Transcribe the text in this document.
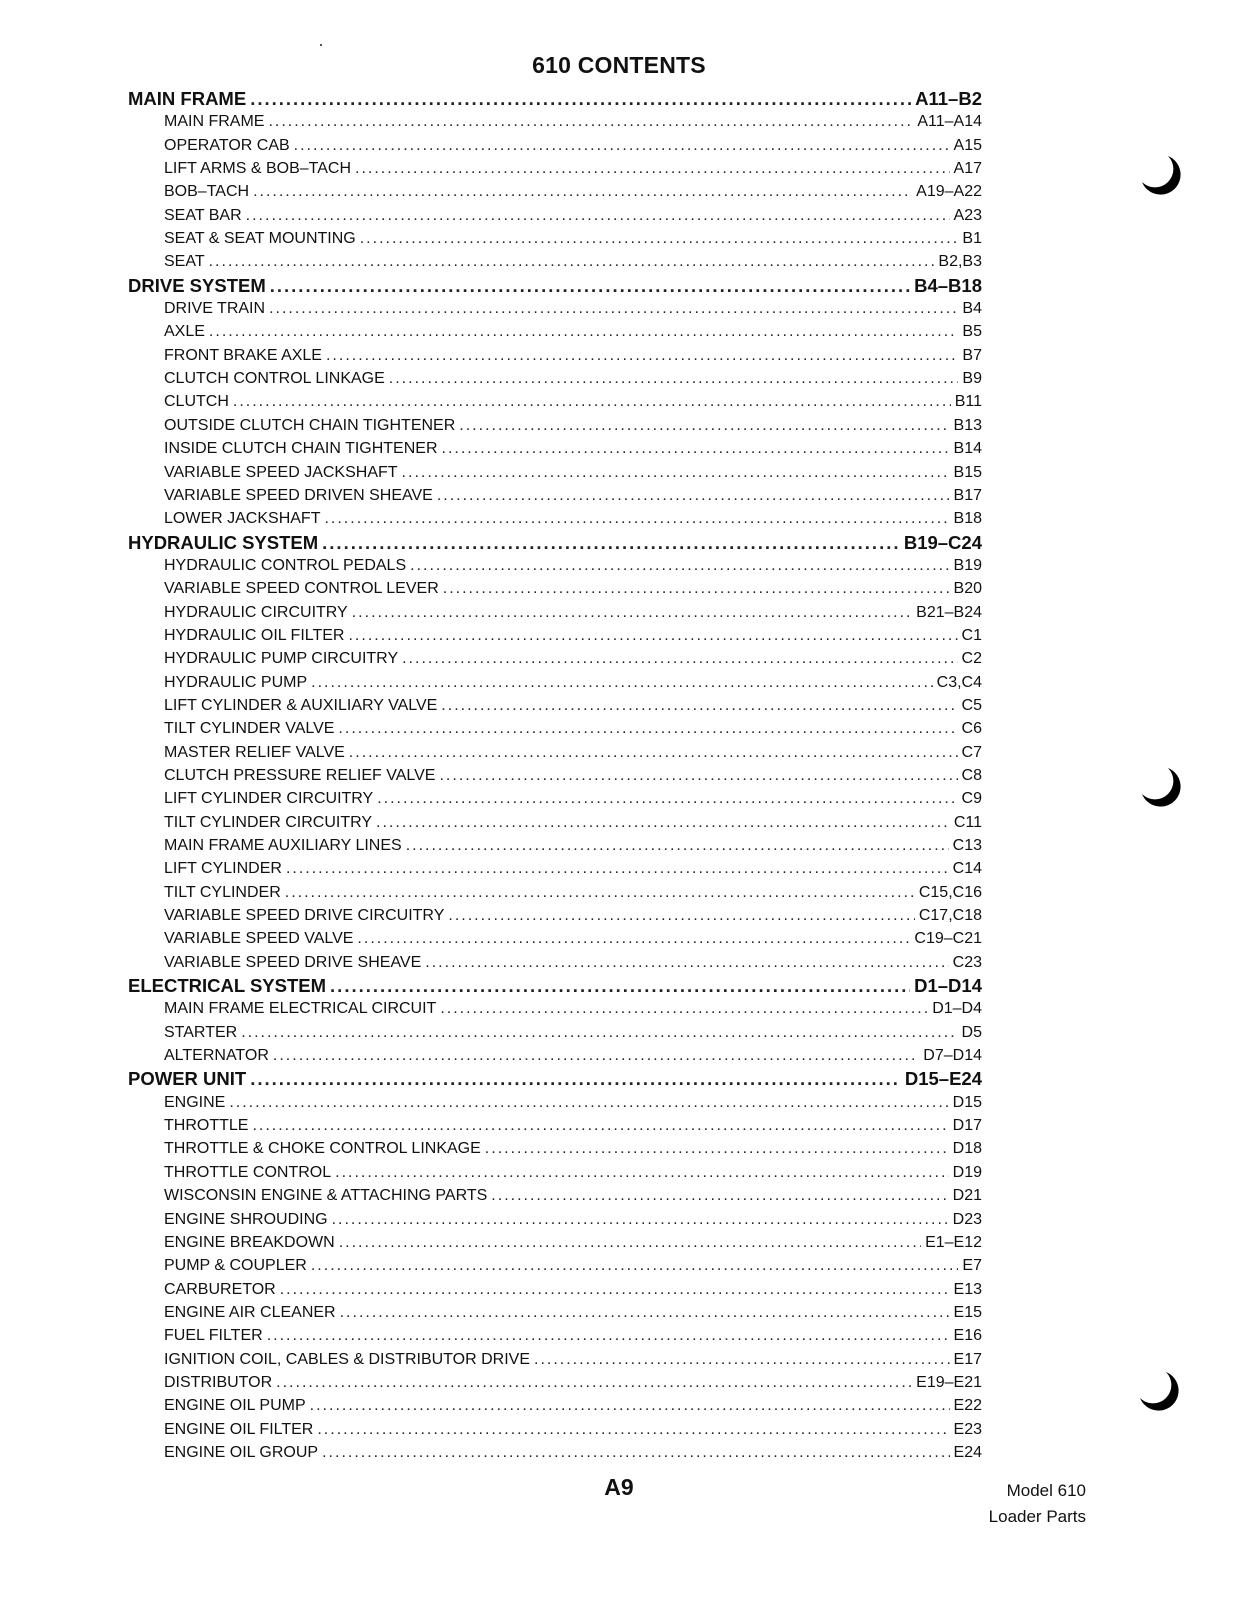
610 CONTENTS
MAIN FRAME .....	A11–B2
MAIN FRAME .....	A11–A14
OPERATOR CAB .....	A15
LIFT ARMS & BOB–TACH .....	A17
BOB–TACH .....	A19–A22
SEAT BAR .....	A23
SEAT & SEAT MOUNTING .....	B1
SEAT .....	B2,B3
DRIVE SYSTEM .....	B4–B18
DRIVE TRAIN .....	B4
AXLE .....	B5
FRONT BRAKE AXLE .....	B7
CLUTCH CONTROL LINKAGE .....	B9
CLUTCH .....	B11
OUTSIDE CLUTCH CHAIN TIGHTENER .....	B13
INSIDE CLUTCH CHAIN TIGHTENER .....	B14
VARIABLE SPEED JACKSHAFT .....	B15
VARIABLE SPEED DRIVEN SHEAVE .....	B17
LOWER JACKSHAFT .....	B18
HYDRAULIC SYSTEM .....	B19–C24
HYDRAULIC CONTROL PEDALS .....	B19
VARIABLE SPEED CONTROL LEVER .....	B20
HYDRAULIC CIRCUITRY .....	B21–B24
HYDRAULIC OIL FILTER .....	C1
HYDRAULIC PUMP CIRCUITRY .....	C2
HYDRAULIC PUMP .....	C3,C4
LIFT CYLINDER & AUXILIARY VALVE .....	C5
TILT CYLINDER VALVE .....	C6
MASTER RELIEF VALVE .....	C7
CLUTCH PRESSURE RELIEF VALVE .....	C8
LIFT CYLINDER CIRCUITRY .....	C9
TILT CYLINDER CIRCUITRY .....	C11
MAIN FRAME AUXILIARY LINES .....	C13
LIFT CYLINDER .....	C14
TILT CYLINDER .....	C15,C16
VARIABLE SPEED DRIVE CIRCUITRY .....	C17,C18
VARIABLE SPEED VALVE .....	C19–C21
VARIABLE SPEED DRIVE SHEAVE .....	C23
ELECTRICAL SYSTEM .....	D1–D14
MAIN FRAME ELECTRICAL CIRCUIT .....	D1–D4
STARTER .....	D5
ALTERNATOR .....	D7–D14
POWER UNIT .....	D15–E24
ENGINE .....	D15
THROTTLE .....	D17
THROTTLE & CHOKE CONTROL LINKAGE .....	D18
THROTTLE CONTROL .....	D19
WISCONSIN ENGINE & ATTACHING PARTS .....	D21
ENGINE SHROUDING .....	D23
ENGINE BREAKDOWN .....	E1–E12
PUMP & COUPLER .....	E7
CARBURETOR .....	E13
ENGINE AIR CLEANER .....	E15
FUEL FILTER .....	E16
IGNITION COIL, CABLES & DISTRIBUTOR DRIVE .....	E17
DISTRIBUTOR .....	E19–E21
ENGINE OIL PUMP .....	E22
ENGINE OIL FILTER .....	E23
ENGINE OIL GROUP .....	E24
A9	Model 610
Loader Parts
